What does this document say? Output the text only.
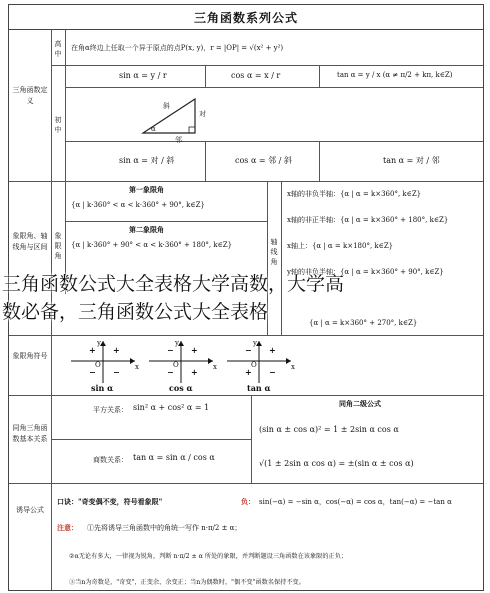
三角函数系列公式
三角函数定义
高中
初中
在角α终边上任取一个异于原点的点P(x, y)，r = |OP| = √(x² + y²)
sin α = y / r	cos α = x / r	tan α = y / x (α ≠ π/2 + kπ, k∈Z)
斜
对
邻
α
sin α = 对 / 斜	cos α = 邻 / 斜	tan α = 对 / 邻
象限角、轴线角与区间
象限角
轴线角
第一象限角
{α | k·360° < α < k·360° + 90°, k∈Z}
第二象限角
{α | k·360° + 90° < α < k·360° + 180°, k∈Z}
x轴的非负半轴：{α | α = k×360°, k∈Z}
x轴的非正半轴：{α | α = k×360° + 180°, k∈Z}
x轴上：{α | α = k×180°, k∈Z}
y轴的非负半轴：{α | α = k×360° + 90°, k∈Z}
{α | α = k×360° + 270°, k∈Z}
象限角符号
+ +
− −
− +
− +
− +
+ −
O	O	O
x	x	x
y	y	y
sin α	cos α	tan α
同角三角函数基本关系
平方关系： sin² α + cos² α = 1
商数关系： tan α = sin α / cos α
同角二级公式
(sin α ± cos α)² = 1 ± 2sin α cos α
√(1 ± 2sin α cos α) = ±(sin α ± cos α)
诱导公式
口诀："奇变偶不变，符号看象限"	负： sin(−α) = −sin α，cos(−α) = cos α，tan(−α) = −tan α
注意： ①先将诱导三角函数中的角统一写作 n·π/2 ± α；
②α无论有多大，一律视为锐角，判断 n·π/2 ± α 所处的象限，并判断题设三角函数在该象限的正负；
③当n为奇数是，"奇变"，正变余、余变正；当n为偶数时，"偶不变"函数名保持不变。
三角函数公式大全表格大学高数，大学高
数必备，三角函数公式大全表格
